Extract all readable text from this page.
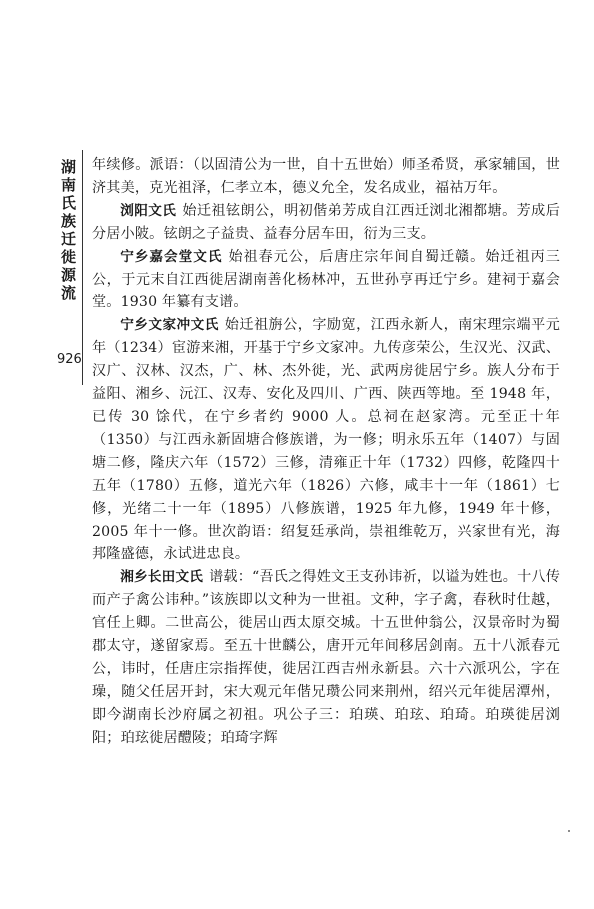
湖南氏族迁徙源流
926

年续修。派语：（以固清公为一世，自十五世始）师圣希贤，承家辅国，世济其美，克光祖泽，仁孝立本，德义允全，发名成业，福祜万年。

浏阳文氏 始迁祖铉朗公，明初偕弟芳成自江西迁浏北湘都塘。芳成后分居小陂。铉朗之子益贵、益春分居车田，衍为三支。

宁乡嘉会堂文氏 始祖春元公，后唐庄宗年间自蜀迁赣。始迁祖丙三公，于元末自江西徙居湖南善化杨林冲，五世孙亨再迁宁乡。建祠于嘉会堂。1930 年纂有支谱。

宁乡文家冲文氏 始迁祖旃公，字励宽，江西永新人，南宋理宗端平元年（1234）宦游来湘，开基于宁乡文家冲。九传彦荣公，生汉光、汉武、汉广、汉林、汉杰，广、林、杰外徙，光、武两房徙居宁乡。族人分布于益阳、湘乡、沅江、汉寿、安化及四川、广西、陕西等地。至 1948 年，已传 30 馀代，在宁乡者约 9000 人。总祠在赵家湾。元至正十年（1350）与江西永新固塘合修族谱，为一修；明永乐五年（1407）与固塘二修，隆庆六年（1572）三修，清雍正十年（1732）四修，乾隆四十五年（1780）五修，道光六年（1826）六修，咸丰十一年（1861）七修，光绪二十一年（1895）八修族谱，1925 年九修，1949 年十修，2005 年十一修。世次韵语：绍复廷承尚，崇祖维乾万，兴家世有光，海邦隆盛德，永试进忠良。

湘乡长田文氏 谱载：“吾氏之得姓文王支孙讳祈，以谥为姓也。十八传而产子禽公讳种。”该族即以文种为一世祖。文种，字子禽，春秋时仕越，官任上卿。二世高公，徙居山西太原交城。十五世仲翁公，汉景帝时为蜀郡太守，遂留家焉。至五十世麟公，唐开元年间移居剑南。五十八派春元公，讳时，任唐庄宗指挥使，徙居江西吉州永新县。六十六派巩公，字在璪，随父任居开封，宋大观元年偕兄瓒公同来荆州，绍兴元年徙居潭州，即今湖南长沙府属之初祖。巩公子三：珀瑛、珀玹、珀琦。珀瑛徙居浏阳；珀玹徙居醴陵；珀琦字辉
